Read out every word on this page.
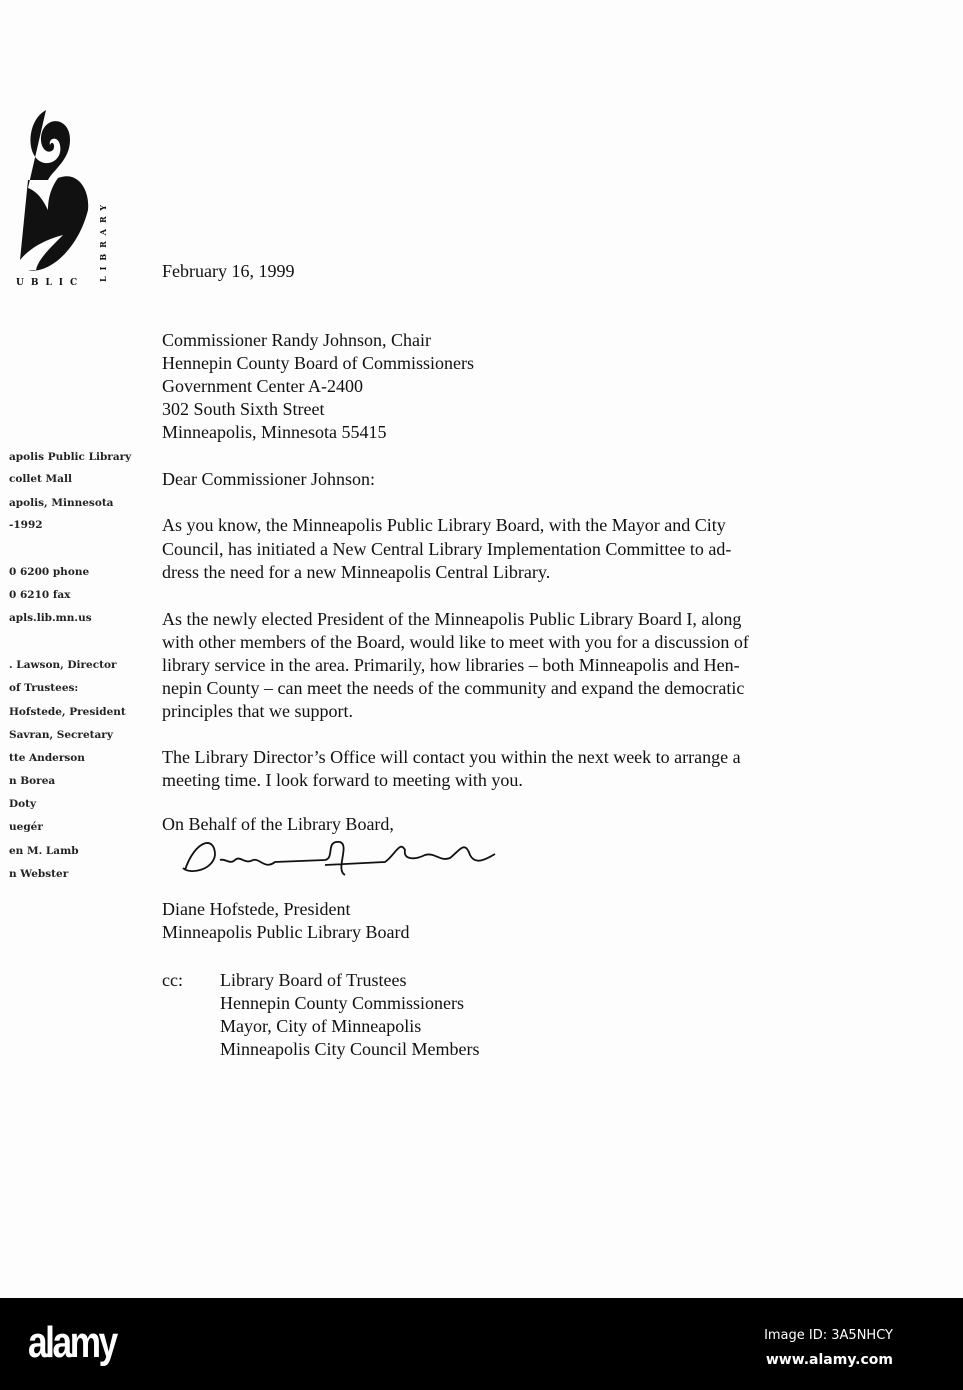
UBLIC
LIBRARY
apolis Public Library
collet Mall
apolis, Minnesota
-1992
0 6200 phone
0 6210 fax
apls.lib.mn.us
. Lawson, Director
of Trustees:
Hofstede, President
Savran, Secretary
tte Anderson
n Borea
Doty
uegér
en M. Lamb
n Webster
February 16, 1999
Commissioner Randy Johnson, Chair
Hennepin County Board of Commissioners
Government Center A-2400
302 South Sixth Street
Minneapolis, Minnesota 55415
Dear Commissioner Johnson:
As you know, the Minneapolis Public Library Board, with the Mayor and City
Council, has initiated a New Central Library Implementation Committee to ad-
dress the need for a new Minneapolis Central Library.
As the newly elected President of the Minneapolis Public Library Board I, along
with other members of the Board, would like to meet with you for a discussion of
library service in the area. Primarily, how libraries – both Minneapolis and Hen-
nepin County – can meet the needs of the community and expand the democratic
principles that we support.
The Library Director’s Office will contact you within the next week to arrange a
meeting time. I look forward to meeting with you.
On Behalf of the Library Board,
Diane Hofstede, President
Minneapolis Public Library Board
cc: Library Board of Trustees
Hennepin County Commissioners
Mayor, City of Minneapolis
Minneapolis City Council Members
alamy	Image ID: 3A5NHCY
www.alamy.com
